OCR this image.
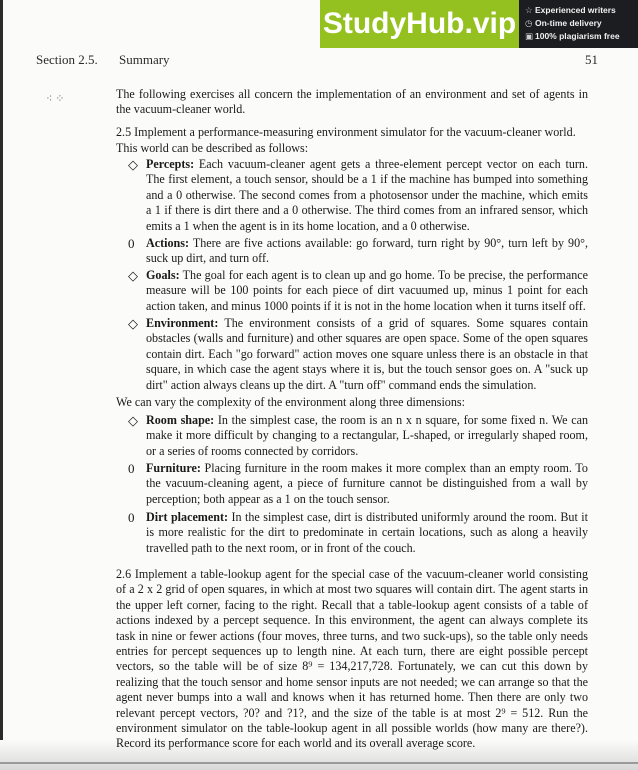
StudyHub.vip	☆ Experienced writers
◷ On-time delivery
▣ 100% plagiarism free
Section 2.5. Summary	51
⁖ ⁘	The following exercises all concern the implementation of an environment and set of agents in the vacuum-cleaner world.
2.5 Implement a performance-measuring environment simulator for the vacuum-cleaner world.
This world can be described as follows:
◇ Percepts: Each vacuum-cleaner agent gets a three-element percept vector on each turn. The first element, a touch sensor, should be a 1 if the machine has bumped into something and a 0 otherwise. The second comes from a photosensor under the machine, which emits a 1 if there is dirt there and a 0 otherwise. The third comes from an infrared sensor, which emits a 1 when the agent is in its home location, and a 0 otherwise.
0 Actions: There are five actions available: go forward, turn right by 90°, turn left by 90°, suck up dirt, and turn off.
◇ Goals: The goal for each agent is to clean up and go home. To be precise, the performance measure will be 100 points for each piece of dirt vacuumed up, minus 1 point for each action taken, and minus 1000 points if it is not in the home location when it turns itself off.
◇ Environment: The environment consists of a grid of squares. Some squares contain obstacles (walls and furniture) and other squares are open space. Some of the open squares contain dirt. Each "go forward" action moves one square unless there is an obstacle in that square, in which case the agent stays where it is, but the touch sensor goes on. A "suck up dirt" action always cleans up the dirt. A "turn off" command ends the simulation.
We can vary the complexity of the environment along three dimensions:
◇ Room shape: In the simplest case, the room is an n x n square, for some fixed n. We can make it more difficult by changing to a rectangular, L-shaped, or irregularly shaped room, or a series of rooms connected by corridors.
0 Furniture: Placing furniture in the room makes it more complex than an empty room. To the vacuum-cleaning agent, a piece of furniture cannot be distinguished from a wall by perception; both appear as a 1 on the touch sensor.
0 Dirt placement: In the simplest case, dirt is distributed uniformly around the room. But it is more realistic for the dirt to predominate in certain locations, such as along a heavily travelled path to the next room, or in front of the couch.
2.6 Implement a table-lookup agent for the special case of the vacuum-cleaner world consisting of a 2 x 2 grid of open squares, in which at most two squares will contain dirt. The agent starts in the upper left corner, facing to the right. Recall that a table-lookup agent consists of a table of actions indexed by a percept sequence. In this environment, the agent can always complete its task in nine or fewer actions (four moves, three turns, and two suck-ups), so the table only needs entries for percept sequences up to length nine. At each turn, there are eight possible percept vectors, so the table will be of size 8⁹ = 134,217,728. Fortunately, we can cut this down by realizing that the touch sensor and home sensor inputs are not needed; we can arrange so that the agent never bumps into a wall and knows when it has returned home. Then there are only two relevant percept vectors, ?0? and ?1?, and the size of the table is at most 2⁹ = 512. Run the environment simulator on the table-lookup agent in all possible worlds (how many are there?). Record its performance score for each world and its overall average score.
